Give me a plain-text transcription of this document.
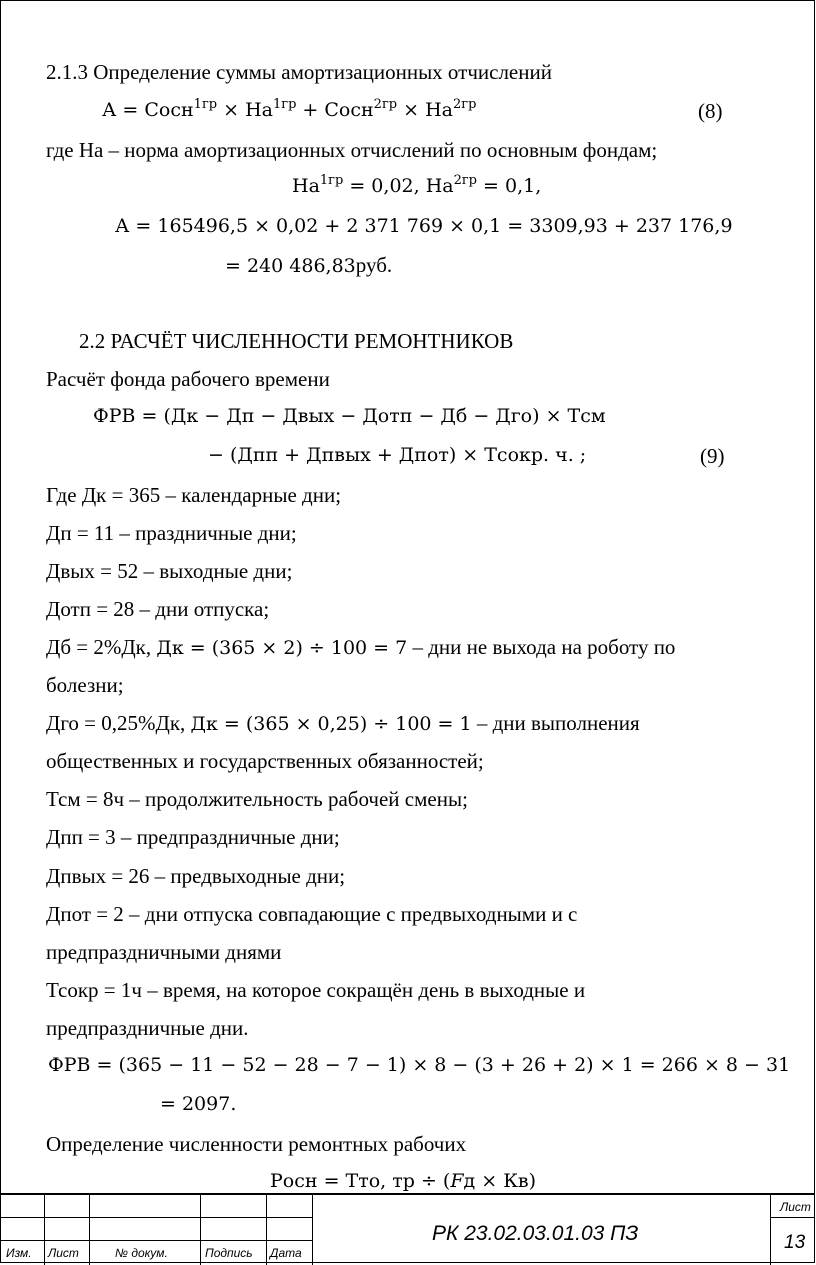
2.1.3 Определение суммы амортизационных отчислений
А = Сосн$^{1гр}$ × $На^{1гр}$ + Сосн$^{2гр}$ × $На^{2гр}$	(8)
где На – норма амортизационных отчислений по основным фондам;
$На^{1гр} = 0,02$, $На^{2гр} = 0,1$,
А = 165496,5 × 0,02 + 2 371 769 × 0,1 = 3309,93 + 237 176,9
= 240 486,83руб.
2.2 РАСЧЁТ ЧИСЛЕННОСТИ РЕМОНТНИКОВ
Расчёт фонда рабочего времени
ФРВ = (Дк − Дп − Двых − Дотп − Дб − Дго) × Тсм
− (Дпп + Дпвых + Дпот) × Тсокр. ч. ;	(9)
Где Дк = 365 – календарные дни;
Дп = 11 – праздничные дни;
Двых = 52 – выходные дни;
Дотп = 28 – дни отпуска;
Дб = 2%Дк, Дк = (365 × 2) ÷ 100 = 7 – дни не выхода на роботу по
болезни;
Дго = 0,25%Дк, Дк = (365 × 0,25) ÷ 100 = 1 – дни выполнения
общественных и государственных обязанностей;
Тсм = 8ч – продолжительность рабочей смены;
Дпп = 3 – предпраздничные дни;
Дпвых = 26 – предвыходные дни;
Дпот = 2 – дни отпуска совпадающие с предвыходными и с
предпраздничными днями
Тсокр = 1ч – время, на которое сокращён день в выходные и
предпраздничные дни.
ФРВ = (365 − 11 − 52 − 28 − 7 − 1) × 8 − (3 + 26 + 2) × 1 = 266 × 8 − 31
= 2097.
Определение численности ремонтных рабочих
Росн = Тто, тр ÷ (𝐹д × Кв)
Изм. Лист	№ докум.	Подпись Дата
РК 23.02.03.01.03 ПЗ
Лист
13
